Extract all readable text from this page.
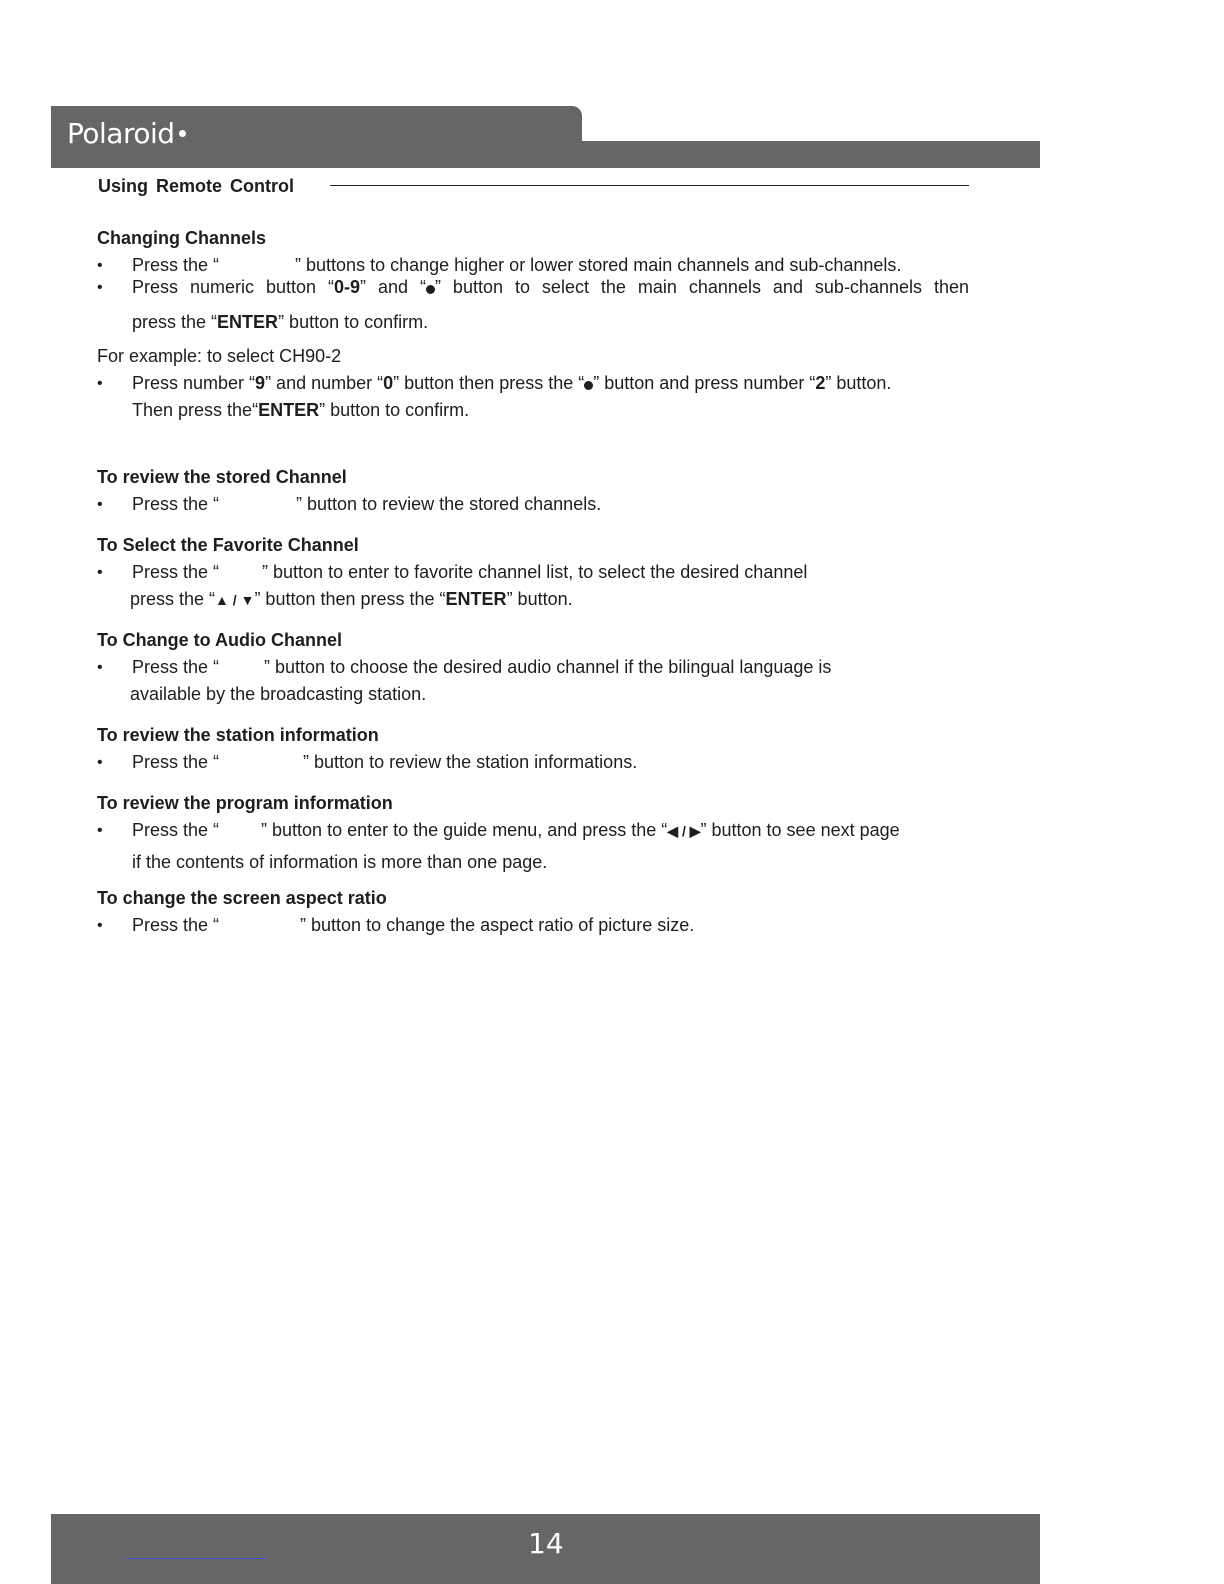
Polaroid
Using Remote Control
Changing Channels
• Press the “	” buttons to change higher or lower stored main channels and sub-channels.
• Press numeric button “0-9” and “ ” button to select the main channels and sub-channels then
press the “ENTER” button to confirm.
For example: to select CH90-2
• Press number “9” and number “0” button then press the “ ” button and press number “2” button.
Then press the“ENTER” button to confirm.
To review the stored Channel
• Press the “	” button to review the stored channels.
To Select the Favorite Channel
• Press the “ ” button to enter to favorite channel list, to select the desired channel
press the “▲ / ▼” button then press the “ENTER” button.
To Change to Audio Channel
• Press the “	” button to choose the desired audio channel if the bilingual language is
available by the broadcasting station.
To review the station information
• Press the “	” button to review the station informations.
To review the program information
• Press the “ ” button to enter to the guide menu, and press the “◀ / ▶” button to see next page
if the contents of information is more than one page.
To change the screen aspect ratio
• Press the “	” button to change the aspect ratio of picture size.
14
